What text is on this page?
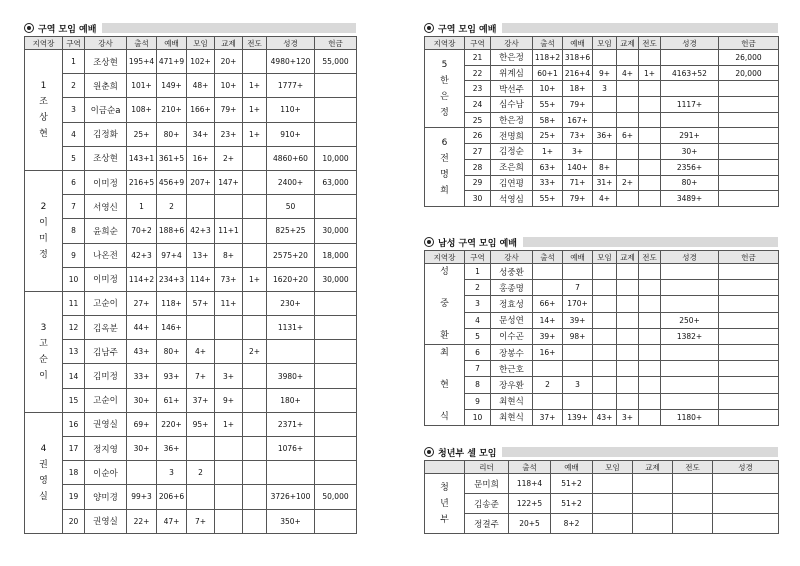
구역 모임 예배
지역장	구역	강사	출석	예배	모임	교제	전도	성경	헌금

1
조
상
현	1	조상현	195+4	471+9	102+	20+		4980+120	55,000
	2	원춘희	101+	149+	48+	10+	1+	1777+	
	3	이금순a	108+	210+	166+	79+	1+	110+	
	4	김정화	25+	80+	34+	23+	1+	910+	
	5	조상현	143+1	361+5	16+	2+		4860+60	10,000

2
이
미
정	6	이미정	216+5	456+9	207+	147+		2400+	63,000
	7	서영신	1	2				50	
	8	윤희순	70+2	188+6	42+3	11+1		825+25	30,000
	9	나온전	42+3	97+4	13+	8+		2575+20	18,000
	10	이미정	114+2	234+3	114+	73+	1+	1620+20	30,000

3
고
순
이	11	고순이	27+	118+	57+	11+		230+	
	12	김옥분	44+	146+				1131+	
	13	김남주	43+	80+	4+		2+		
	14	김미정	33+	93+	7+	3+		3980+	
	15	고순이	30+	61+	37+	9+		180+	

4
권
영
실	16	권영실	69+	220+	95+	1+		2371+	
	17	정지영	30+	36+				1076+	
	18	이순아		3	2				
	19	양미경	99+3	206+6				3726+100	50,000
	20	권영실	22+	47+	7+			350+	
구역 모임 예배
지역장	구역	강사	출석	예배	모임	교제	전도	성경	헌금

5
한
은
정	21	한은정	118+2	318+6					26,000
	22	위계심	60+1	216+4	9+	4+	1+	4163+52	20,000
	23	박선주	10+	18+	3				
	24	심수남	55+	79+				1117+	
	25	한은정	58+	167+					

6
전
명
희	26	전명희	25+	73+	36+	6+		291+	
	27	김정순	1+	3+				30+	
	28	조은희	63+	140+	8+			2356+	
	29	김연평	33+	71+	31+	2+		80+	
	30	석영심	55+	79+	4+			3489+	
남성 구역 모임 예배
지역장	구역	강사	출석	예배	모임	교제	전도	성경	헌금

성

중

환	1	성중환							
	2	홍종명		7					
	3	정효성	66+	170+					
	4	문성연	14+	39+				250+	
	5	이수곤	39+	98+				1382+	

최

현

식	6	장봉수	16+						
	7	한근호							
	8	장우환	2	3					
	9	최현식							
	10	최현식	37+	139+	43+	3+		1180+	
청년부 셀 모임
	리더	출석	예배	모임	교제	전도	성경

청
년
부	문미희	118+4	51+2				
	김송준	122+5	51+2				
	정결주	20+5	8+2				
